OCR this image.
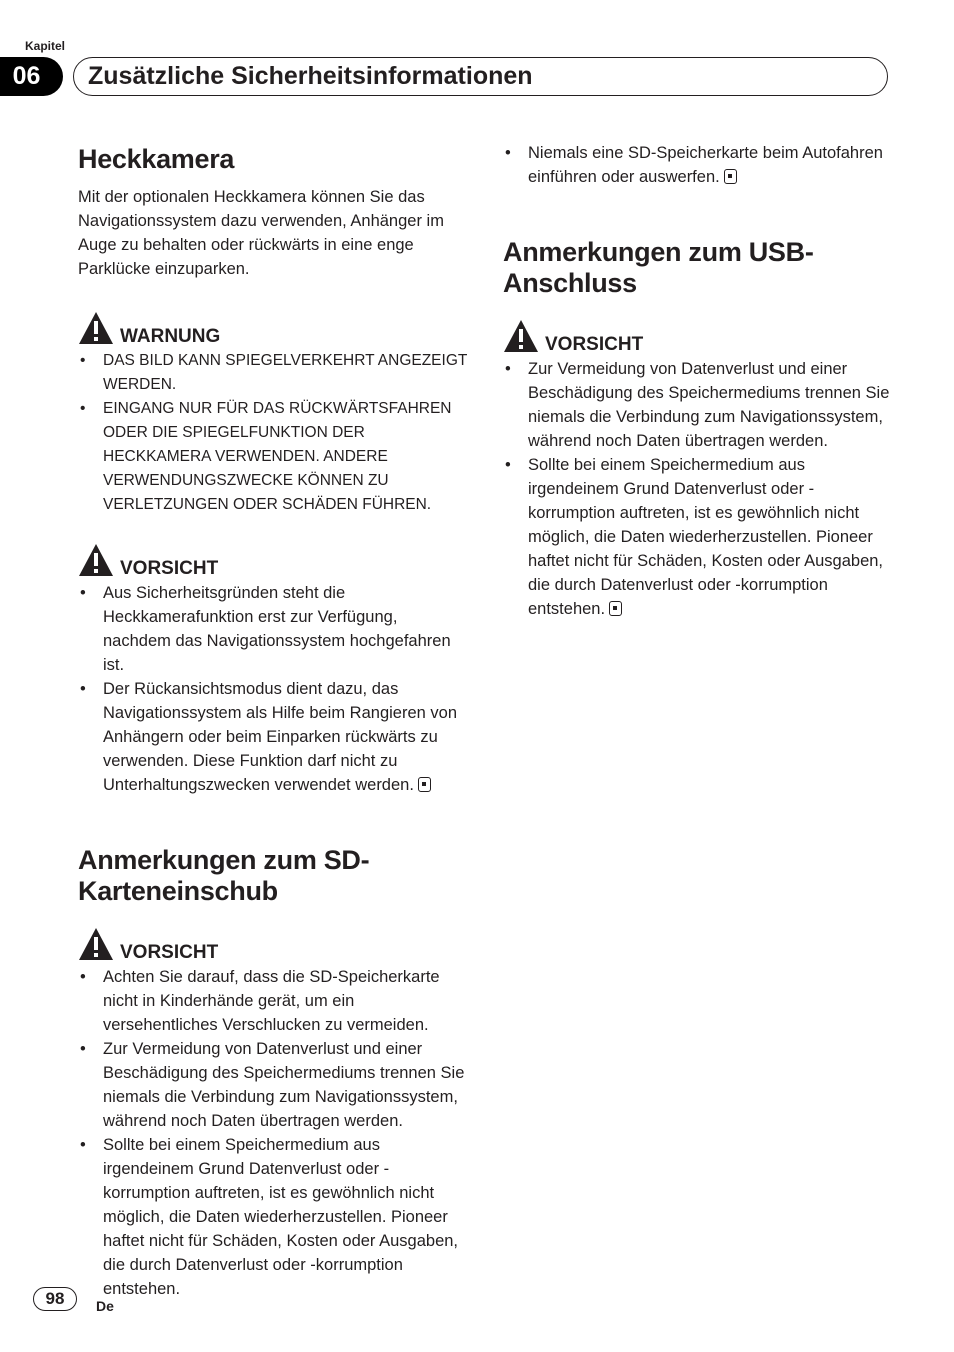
Kapitel
06	Zusätzliche Sicherheitsinformationen
Heckkamera

Mit der optionalen Heckkamera können Sie das Navigationssystem dazu verwenden, Anhänger im Auge zu behalten oder rückwärts in eine enge Parklücke einzuparken.

WARNUNG
• DAS BILD KANN SPIEGELVERKEHRT ANGEZEIGT WERDEN.
• EINGANG NUR FÜR DAS RÜCKWÄRTSFAHREN ODER DIE SPIEGELFUNKTION DER HECKKAMERA VERWENDEN. ANDERE VERWENDUNGSZWECKE KÖNNEN ZU VERLETZUNGEN ODER SCHÄDEN FÜHREN.
VORSICHT
• Aus Sicherheitsgründen steht die Heckkamerafunktion erst zur Verfügung, nachdem das Navigationssystem hochgefahren ist.
• Der Rückansichtsmodus dient dazu, das Navigationssystem als Hilfe beim Rangieren von Anhängern oder beim Einparken rückwärts zu verwenden. Diese Funktion darf nicht zu Unterhaltungszwecken verwendet werden.
Anmerkungen zum SD-Karteneinschub
VORSICHT
• Achten Sie darauf, dass die SD-Speicherkarte nicht in Kinderhände gerät, um ein versehentliches Verschlucken zu vermeiden.
• Zur Vermeidung von Datenverlust und einer Beschädigung des Speichermediums trennen Sie niemals die Verbindung zum Navigationssystem, während noch Daten übertragen werden.
• Sollte bei einem Speichermedium aus irgendeinem Grund Datenverlust oder -korrumption auftreten, ist es gewöhnlich nicht möglich, die Daten wiederherzustellen. Pioneer haftet nicht für Schäden, Kosten oder Ausgaben, die durch Datenverlust oder -korrumption entstehen.
• Niemals eine SD-Speicherkarte beim Autofahren einführen oder auswerfen.
Anmerkungen zum USB-Anschluss
VORSICHT
• Zur Vermeidung von Datenverlust und einer Beschädigung des Speichermediums trennen Sie niemals die Verbindung zum Navigationssystem, während noch Daten übertragen werden.
• Sollte bei einem Speichermedium aus irgendeinem Grund Datenverlust oder -korrumption auftreten, ist es gewöhnlich nicht möglich, die Daten wiederherzustellen. Pioneer haftet nicht für Schäden, Kosten oder Ausgaben, die durch Datenverlust oder -korrumption entstehen.
98	De
